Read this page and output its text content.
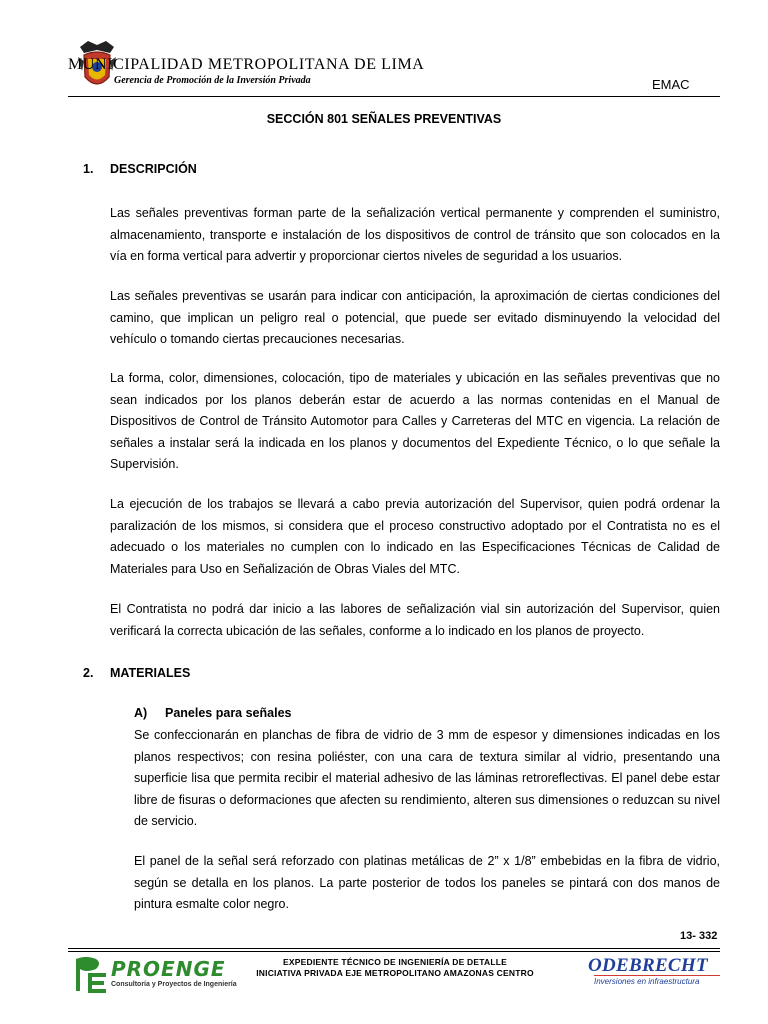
MUNICIPALIDAD METROPOLITANA DE LIMA
Gerencia de Promoción de la Inversión Privada	EMAC
SECCIÓN 801 SEÑALES PREVENTIVAS
1. DESCRIPCIÓN

Las señales preventivas forman parte de la señalización vertical permanente y comprenden el suministro, almacenamiento, transporte e instalación de los dispositivos de control de tránsito que son colocados en la vía en forma vertical para advertir y proporcionar ciertos niveles de seguridad a los usuarios.

Las señales preventivas se usarán para indicar con anticipación, la aproximación de ciertas condiciones del camino, que implican un peligro real o potencial, que puede ser evitado disminuyendo la velocidad del vehículo o tomando ciertas precauciones necesarias.

La forma, color, dimensiones, colocación, tipo de materiales y ubicación en las señales preventivas que no sean indicados por los planos deberán estar de acuerdo a las normas contenidas en el Manual de Dispositivos de Control de Tránsito Automotor para Calles y Carreteras del MTC en vigencia. La relación de señales a instalar será la indicada en los planos y documentos del Expediente Técnico, o lo que señale la Supervisión.

La ejecución de los trabajos se llevará a cabo previa autorización del Supervisor, quien podrá ordenar la paralización de los mismos, si considera que el proceso constructivo adoptado por el Contratista no es el adecuado o los materiales no cumplen con lo indicado en las Especificaciones Técnicas de Calidad de Materiales para Uso en Señalización de Obras Viales del MTC.

El Contratista no podrá dar inicio a las labores de señalización vial sin autorización del Supervisor, quien verificará la correcta ubicación de las señales, conforme a lo indicado en los planos de proyecto.

2. MATERIALES
A) Paneles para señales

Se confeccionarán en planchas de fibra de vidrio de 3 mm de espesor y dimensiones indicadas en los planos respectivos; con resina poliéster, con una cara de textura similar al vidrio, presentando una superficie lisa que permita recibir el material adhesivo de las láminas retroreflectivas. El panel debe estar libre de fisuras o deformaciones que afecten su rendimiento, alteren sus dimensiones o reduzcan su nivel de servicio.

El panel de la señal será reforzado con platinas metálicas de 2” x 1/8” embebidas en la fibra de vidrio, según se detalla en los planos. La parte posterior de todos los paneles se pintará con dos manos de pintura esmalte color negro.

13- 332
PROENGE
Consultoría y Proyectos de Ingeniería
EXPEDIENTE TÉCNICO DE INGENIERÍA DE DETALLE
INICIATIVA PRIVADA EJE METROPOLITANO AMAZONAS CENTRO	ODEBRECHT
Inversiones en infraestructura
